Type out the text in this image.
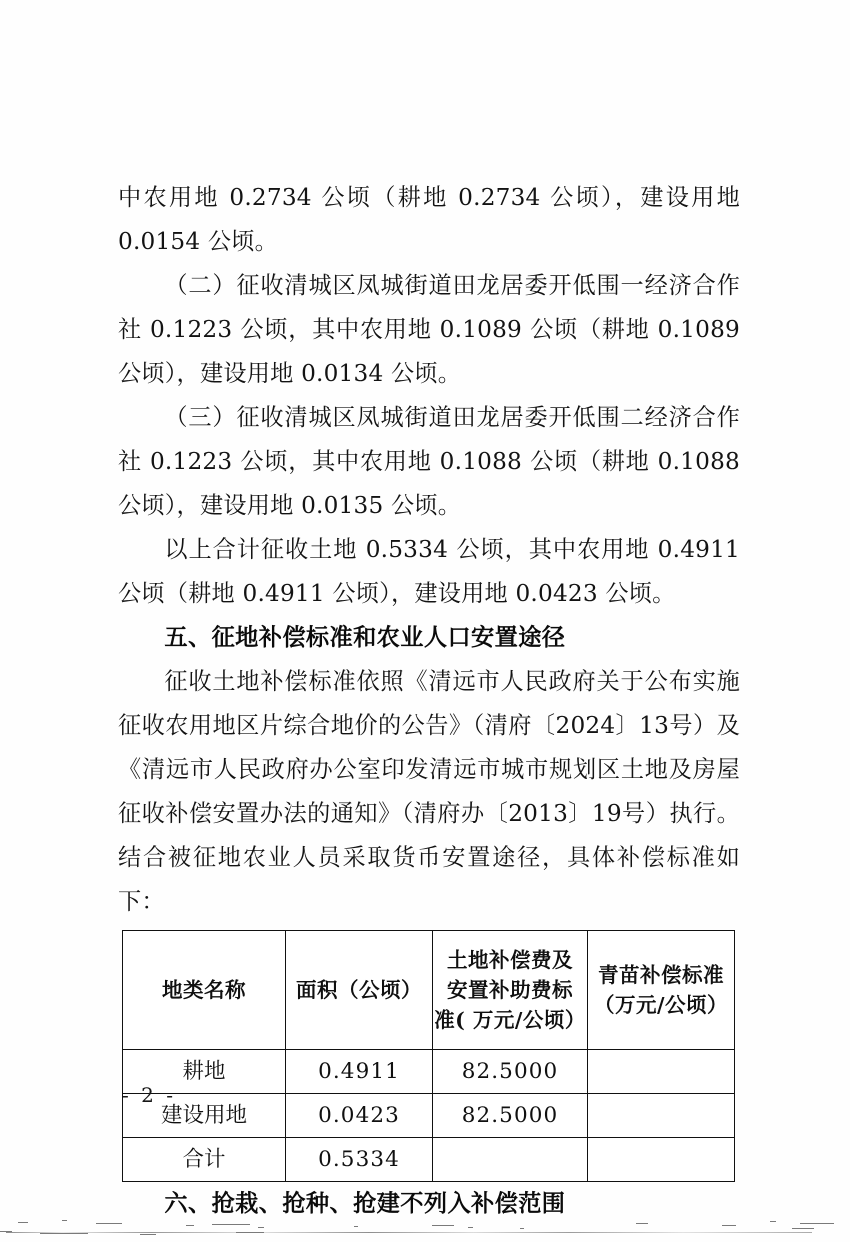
中农用地 0.2734 公顷（耕地 0.2734 公顷），建设用地 0.0154 公顷。

（二）征收清城区凤城街道田龙居委开低围一经济合作社 0.1223 公顷，其中农用地 0.1089 公顷（耕地 0.1089 公顷），建设用地 0.0134 公顷。

（三）征收清城区凤城街道田龙居委开低围二经济合作社 0.1223 公顷，其中农用地 0.1088 公顷（耕地 0.1088 公顷），建设用地 0.0135 公顷。

以上合计征收土地 0.5334 公顷，其中农用地 0.4911 公顷（耕地 0.4911 公顷），建设用地 0.0423 公顷。

五、征地补偿标准和农业人口安置途径

征收土地补偿标准依照《清远市人民政府关于公布实施征收农用地区片综合地价的公告》（清府〔2024〕13号）及《清远市人民政府办公室印发清远市城市规划区土地及房屋征收补偿安置办法的通知》（清府办〔2013〕19号）执行。结合被征地农业人员采取货币安置途径，具体补偿标准如下：

地类名称	面积（公顷）	土地补偿费及
安置补助费标
准( 万元/公顷）	青苗补偿标准
（万元/公顷）

耕地	0.4911	82.5000	
建设用地	0.0423	82.5000	
合计	0.5334		

六、抢栽、抢种、抢建不列入补偿范围

- 2 -
